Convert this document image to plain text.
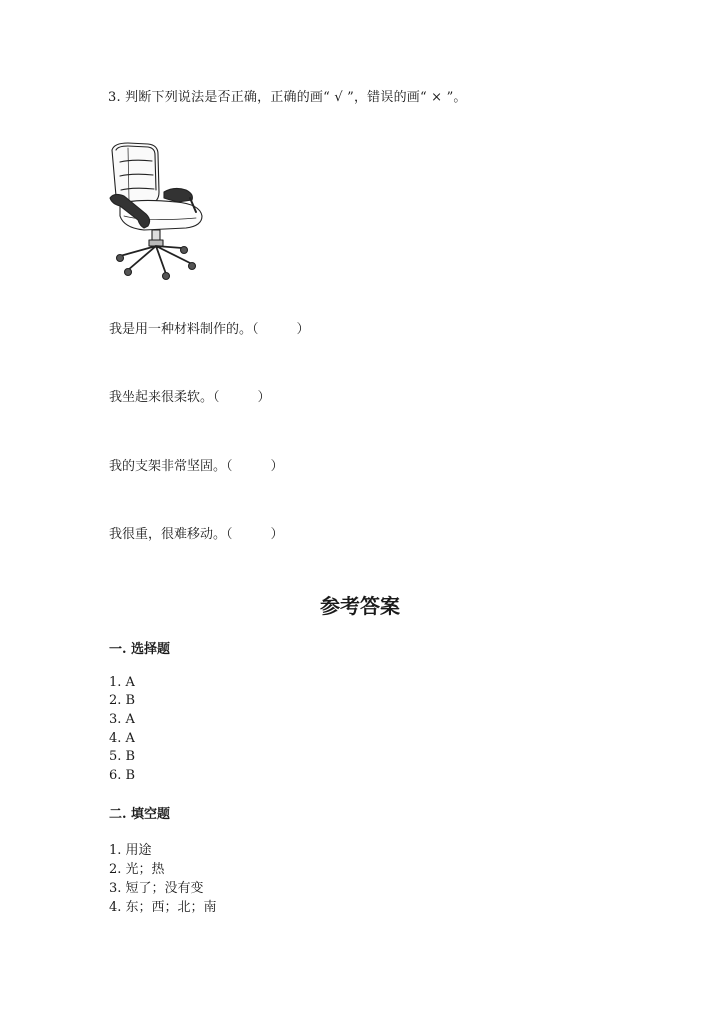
3. 判断下列说法是否正确，正确的画“ √ ”，错误的画“ × ”。
我是用一种材料制作的。（	）
我坐起来很柔软。（	）
我的支架非常坚固。（	）
我很重，很难移动。（	）
参考答案
一. 选择题
1. A
2. B
3. A
4. A
5. B
6. B
二. 填空题
1. 用途
2. 光；热
3. 短了；没有变
4. 东；西；北；南
